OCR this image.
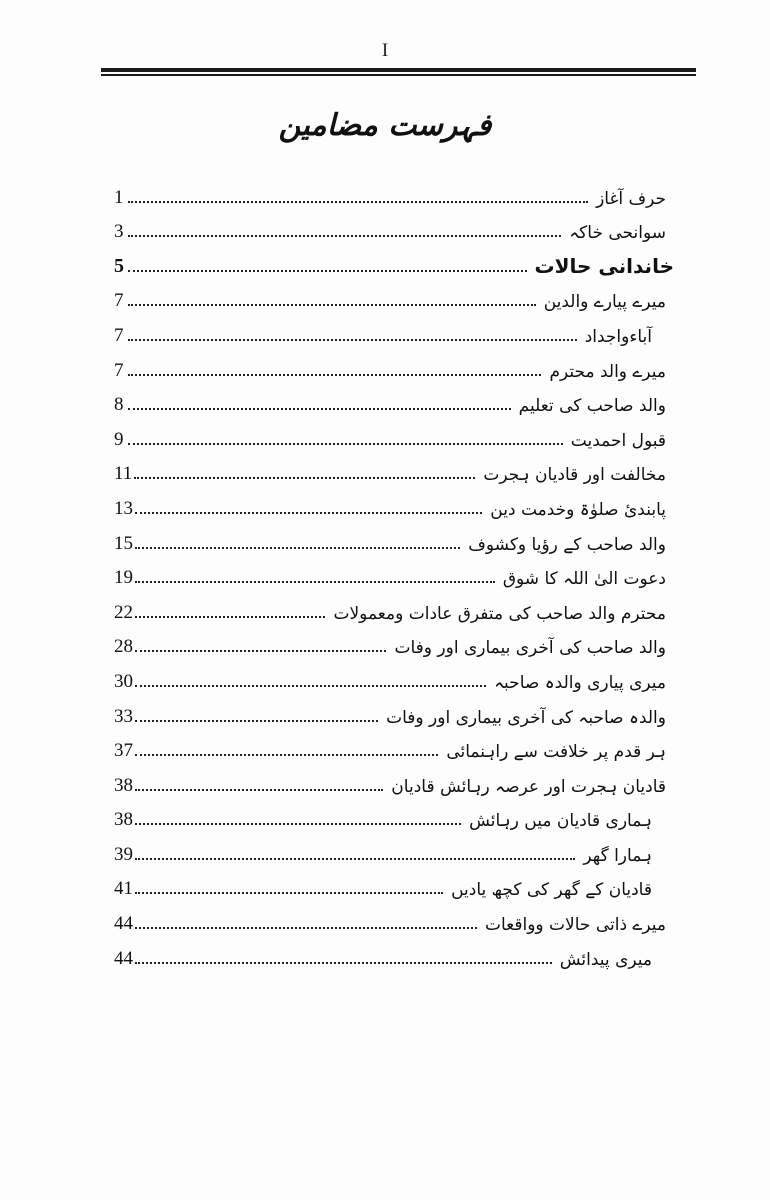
I
فہرست مضامین
حرف آغاز
1
سوانحی خاکہ
3
خاندانی حالات
5
میرے پیارے والدین
7
آباءواجداد
7
میرے والد محترم
7
والد صاحب کی تعلیم
8
قبول احمدیت
9
مخالفت اور قادیان ہجرت
11
پابندیٔ صلوٰۃ وخدمت دین
13
والد صاحب کے رؤیا وکشوف
15
دعوت الیٰ اللہ کا شوق
19
محترم والد صاحب کی متفرق عادات ومعمولات
22
والد صاحب کی آخری بیماری اور وفات
28
میری پیاری والدہ صاحبہ
30
والدہ صاحبہ کی آخری بیماری اور وفات
33
ہر قدم پر خلافت سے راہنمائی
37
قادیان ہجرت اور عرصہ رہائش قادیان
38
ہماری قادیان میں رہائش
38
ہمارا گھر
39
قادیان کے گھر کی کچھ یادیں
41
میرے ذاتی حالات وواقعات
44
میری پیدائش
44
